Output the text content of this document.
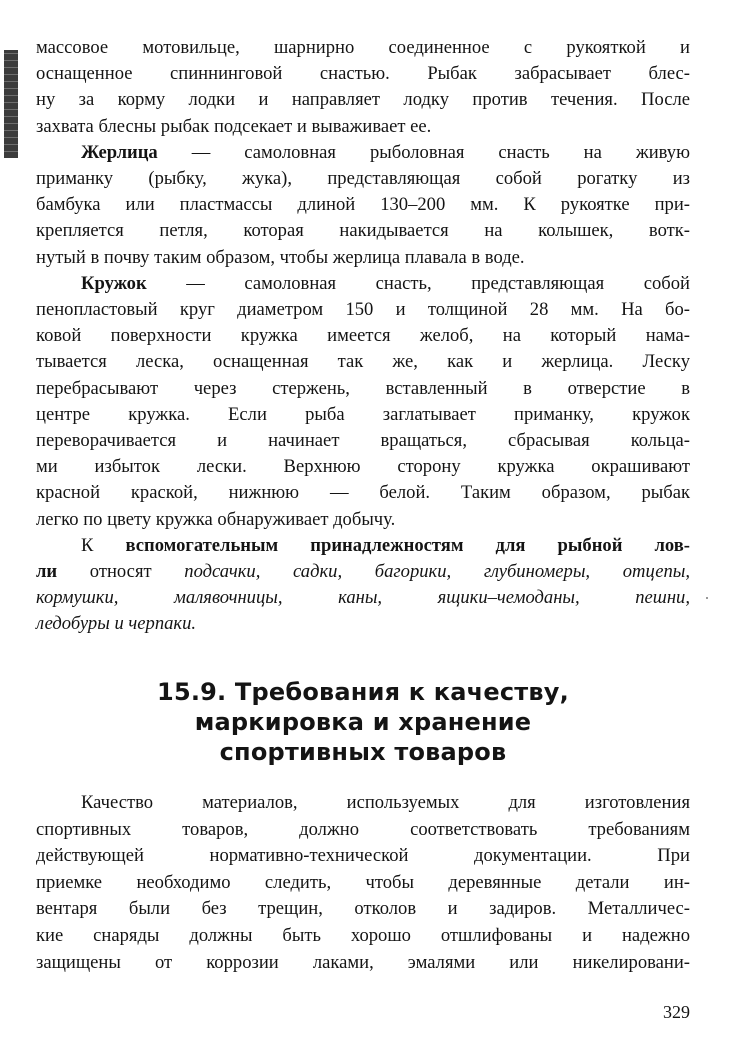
массовое мотовильце, шарнирно соединенное с рукояткой и
оснащенное спиннинговой снастью. Рыбак забрасывает блес-
ну за корму лодки и направляет лодку против течения. После
захвата блесны рыбак подсекает и вываживает ее.
Жерлица — самоловная рыболовная снасть на живую
приманку (рыбку, жука), представляющая собой рогатку из
бамбука или пластмассы длиной 130–200 мм. К рукоятке при-
крепляется петля, которая накидывается на колышек, вотк-
нутый в почву таким образом, чтобы жерлица плавала в воде.
Кружок — самоловная снасть, представляющая собой
пенопластовый круг диаметром 150 и толщиной 28 мм. На бо-
ковой поверхности кружка имеется желоб, на который нама-
тывается леска, оснащенная так же, как и жерлица. Леску
перебрасывают через стержень, вставленный в отверстие в
центре кружка. Если рыба заглатывает приманку, кружок
переворачивается и начинает вращаться, сбрасывая кольца-
ми избыток лески. Верхнюю сторону кружка окрашивают
красной краской, нижнюю — белой. Таким образом, рыбак
легко по цвету кружка обнаруживает добычу.
К вспомогательным принадлежностям для рыбной лов-
ли относят подсачки, садки, багорики, глубиномеры, отцепы,
кормушки, малявочницы, каны, ящики–чемоданы, пешни,
ледобуры и черпаки.
15.9. Требования к качеству,
маркировка и хранение
спортивных товаров
Качество материалов, используемых для изготовления
спортивных товаров, должно соответствовать требованиям
действующей нормативно-технической документации. При
приемке необходимо следить, чтобы деревянные детали ин-
вентаря были без трещин, отколов и задиров. Металличес-
кие снаряды должны быть хорошо отшлифованы и надежно
защищены от коррозии лаками, эмалями или никелировани-
329
